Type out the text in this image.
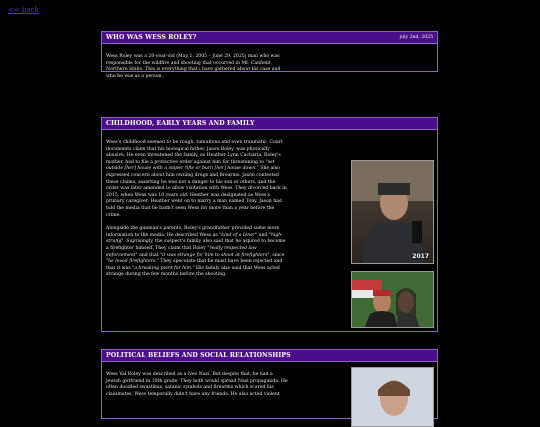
<< back
WHO WAS WESS ROLEY?	july 2nd, 2025

Wess Roley was a 20-year-old (May 1, 2005 – June 29, 2025) man who was responsible for the wildfire and shooting that occurred in Mt. Canfield, Northern Idaho. This is everything that i have gathered about his case and who he was as a person.

CHILDHOOD, EARLY YEARS AND FAMILY

Wess's childhood seemed to be rough, tumultous and even traumatic. Court documents claim that his biological father, Jason Roley, was physically abusive. He even threatened the family, as Heather Lynn Cacharia, Roley's mother, had to file a protective order against him for threatening to "set outside [her] house with a sniper rifle or burn [her] house down." She also expressed concern about him owning drugs and firearms. Jason contested these claims, asserting he was not a danger to his son or others, and the order was later amended to allow visitation with Wess. They divorced back in 2015, when Wess was 10 years old. Heather was designated as Wess's primary caregiver. Heather went on to marry a man named Tony. Jason had told the media that he hadn't seen Wess for more than a year before the crime.

Alongside the gunman's parents, Roley's grandfather provided some more information to the media. He described Wess as "kind of a loner" and "high-strung". Suprisingly, the suspect's family also said that he aspired to become a firefighter himself. They claim that Roley "really respected law enforcement" and that "it was strange for him to shoot at firefighters", since "he loved firefighters." They speculate that he must have been rejected and that it was "a breaking point for him." His family also said that Wess acted strange during the few months before the shooting.

2017
POLITICAL BELIEFS AND SOCIAL RELATIONSHIPS

Wess Val Roley was described as a Neo Nazi. But despite that, he had a jewish girlfriend in 10th grade. They both would spread Nazi propaganda. He often doodled swastikas, satanic symbols and firearms which scared his classmates. Wess temporally didn't have any friends. He also acted violent
